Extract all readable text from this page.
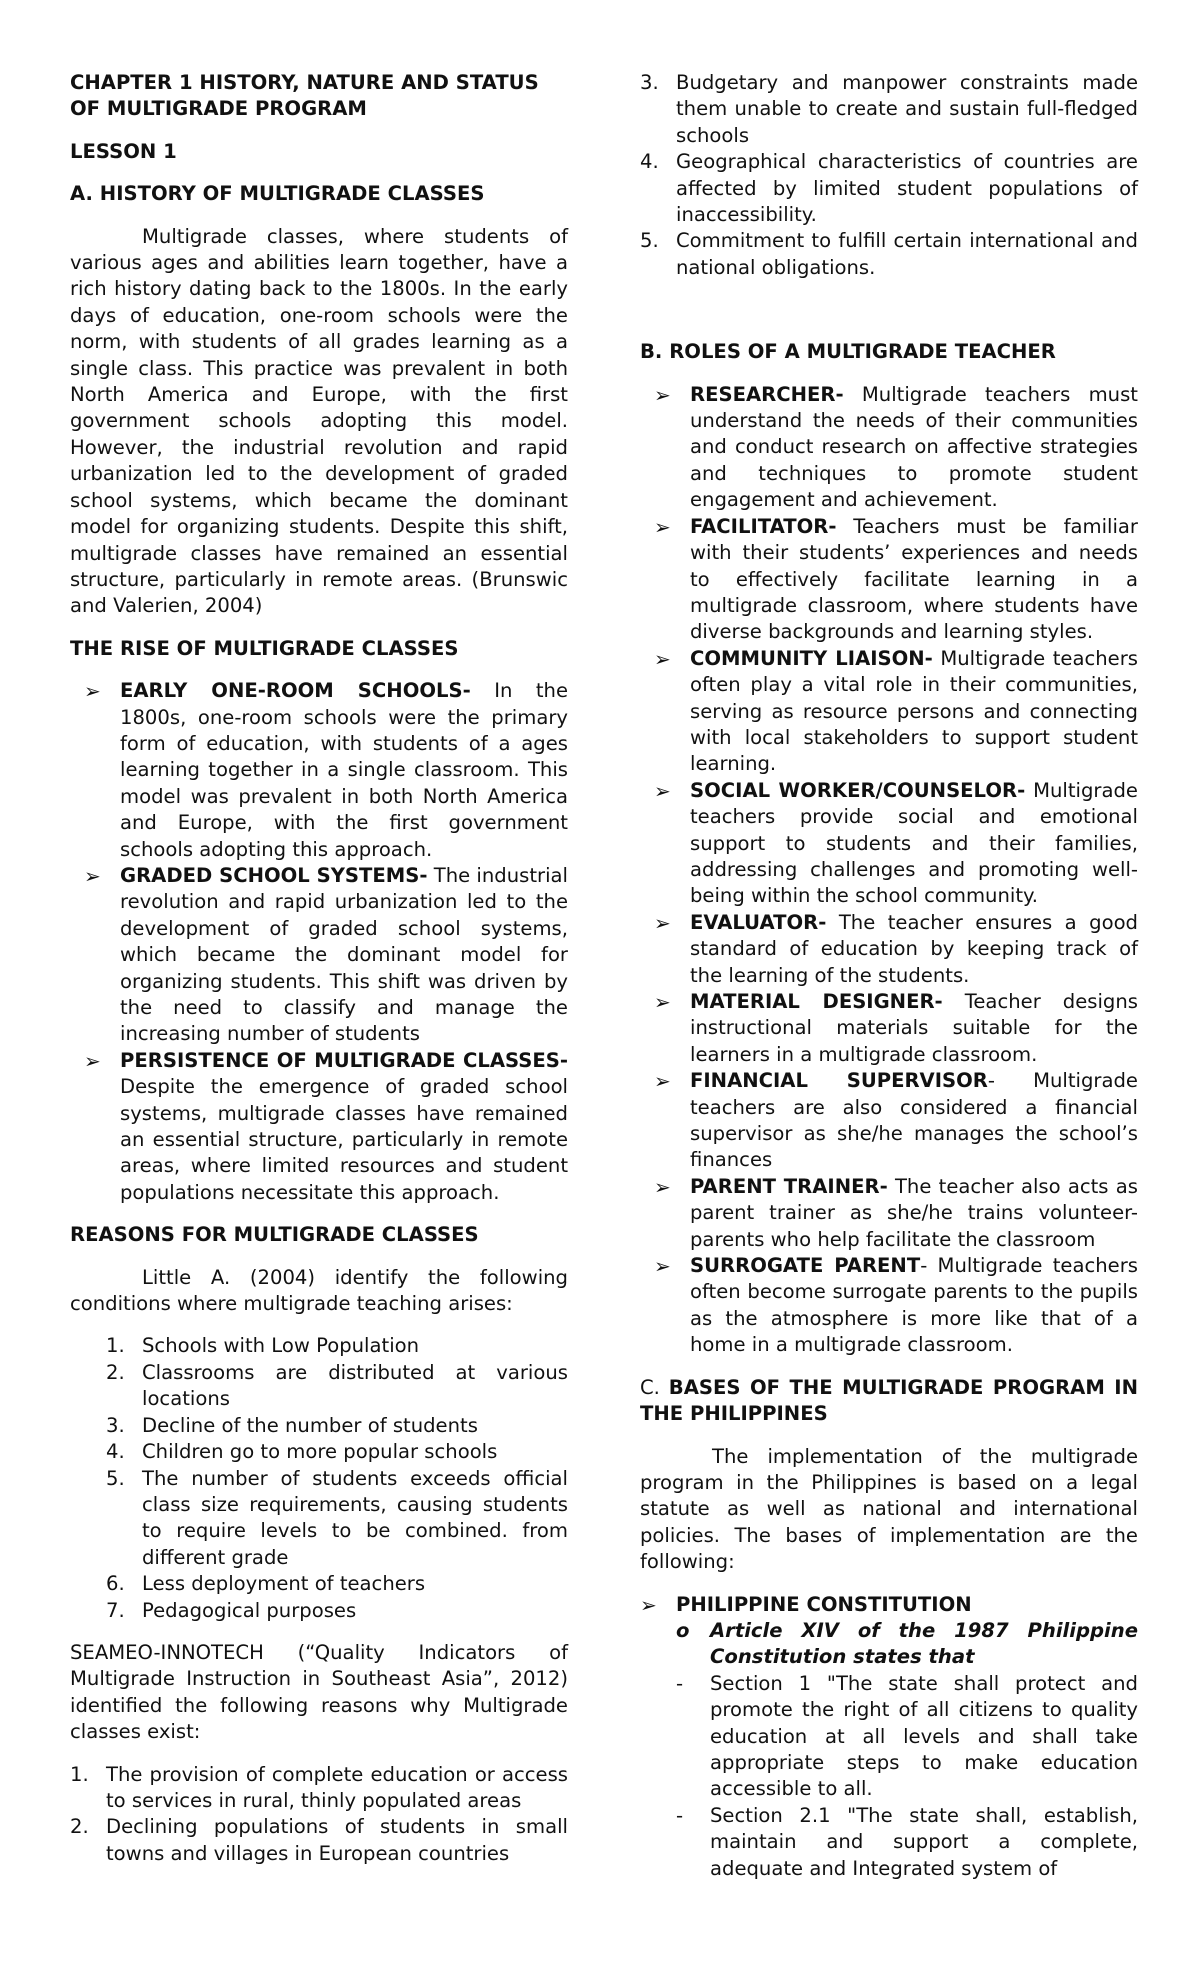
CHAPTER 1 HISTORY, NATURE AND STATUS OF MULTIGRADE PROGRAM

LESSON 1

A. HISTORY OF MULTIGRADE CLASSES

Multigrade classes, where students of various ages and abilities learn together, have a rich history dating back to the 1800s. In the early days of education, one-room schools were the norm, with students of all grades learning as a single class. This practice was prevalent in both North America and Europe, with the first government schools adopting this model. However, the industrial revolution and rapid urbanization led to the development of graded school systems, which became the dominant model for organizing students. Despite this shift, multigrade classes have remained an essential structure, particularly in remote areas. (Brunswic and Valerien, 2004)

THE RISE OF MULTIGRADE CLASSES

➢ EARLY ONE-ROOM SCHOOLS- In the 1800s, one-room schools were the primary form of education, with students of a ages learning together in a single classroom. This model was prevalent in both North America and Europe, with the first government schools adopting this approach.
➢ GRADED SCHOOL SYSTEMS- The industrial revolution and rapid urbanization led to the development of graded school systems, which became the dominant model for organizing students. This shift was driven by the need to classify and manage the increasing number of students
➢ PERSISTENCE OF MULTIGRADE CLASSES- Despite the emergence of graded school systems, multigrade classes have remained an essential structure, particularly in remote areas, where limited resources and student populations necessitate this approach.

REASONS FOR MULTIGRADE CLASSES

Little A. (2004) identify the following conditions where multigrade teaching arises:

1. Schools with Low Population
2. Classrooms are distributed at various locations
3. Decline of the number of students
4. Children go to more popular schools
5. The number of students exceeds official class size requirements, causing students to require levels to be combined. from different grade
6. Less deployment of teachers
7. Pedagogical purposes

SEAMEO-INNOTECH (“Quality Indicators of Multigrade Instruction in Southeast Asia”, 2012) identified the following reasons why Multigrade classes exist:

1. The provision of complete education or access to services in rural, thinly populated areas
2. Declining populations of students in small towns and villages in European countries
3. Budgetary and manpower constraints made them unable to create and sustain full-fledged schools
4. Geographical characteristics of countries are affected by limited student populations of inaccessibility.
5. Commitment to fulfill certain international and national obligations.

B. ROLES OF A MULTIGRADE TEACHER

➢ RESEARCHER- Multigrade teachers must understand the needs of their communities and conduct research on affective strategies and techniques to promote student engagement and achievement.
➢ FACILITATOR- Teachers must be familiar with their students’ experiences and needs to effectively facilitate learning in a multigrade classroom, where students have diverse backgrounds and learning styles.
➢ COMMUNITY LIAISON- Multigrade teachers often play a vital role in their communities, serving as resource persons and connecting with local stakeholders to support student learning.
➢ SOCIAL WORKER/COUNSELOR- Multigrade teachers provide social and emotional support to students and their families, addressing challenges and promoting well-being within the school community.
➢ EVALUATOR- The teacher ensures a good standard of education by keeping track of the learning of the students.
➢ MATERIAL DESIGNER- Teacher designs instructional materials suitable for the learners in a multigrade classroom.
➢ FINANCIAL SUPERVISOR- Multigrade teachers are also considered a financial supervisor as she/he manages the school’s finances
➢ PARENT TRAINER- The teacher also acts as parent trainer as she/he trains volunteer-parents who help facilitate the classroom
➢ SURROGATE PARENT- Multigrade teachers often become surrogate parents to the pupils as the atmosphere is more like that of a home in a multigrade classroom.

C. BASES OF THE MULTIGRADE PROGRAM IN THE PHILIPPINES

The implementation of the multigrade program in the Philippines is based on a legal statute as well as national and international policies. The bases of implementation are the following:

➢ PHILIPPINE CONSTITUTION
o Article XIV of the 1987 Philippine Constitution states that

- Section 1 "The state shall protect and promote the right of all citizens to quality education at all levels and shall take appropriate steps to make education accessible to all.
- Section 2.1 "The state shall, establish, maintain and support a complete, adequate and Integrated system of
